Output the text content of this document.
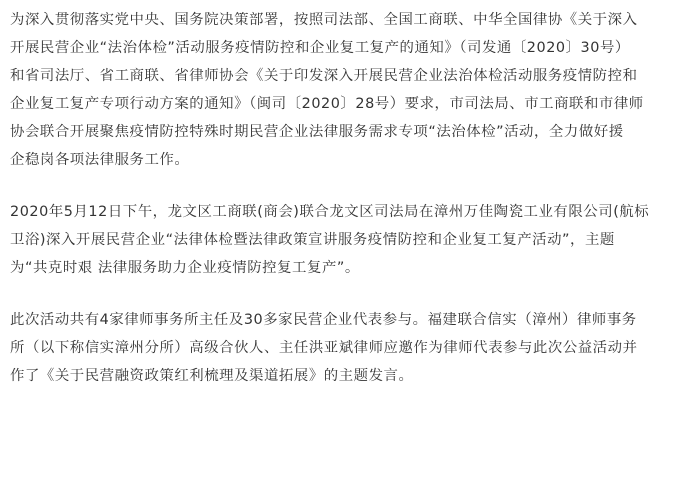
为深入贯彻落实党中央、国务院决策部署，按照司法部、全国工商联、中华全国律协《关于深入
开展民营企业“法治体检”活动服务疫情防控和企业复工复产的通知》（司发通〔2020〕30号）
和省司法厅、省工商联、省律师协会《关于印发深入开展民营企业法治体检活动服务疫情防控和
企业复工复产专项行动方案的通知》（闽司〔2020〕28号）要求，市司法局、市工商联和市律师
协会联合开展聚焦疫情防控特殊时期民营企业法律服务需求专项“法治体检”活动，全力做好援
企稳岗各项法律服务工作。

2020年5月12日下午，龙文区工商联(商会)联合龙文区司法局在漳州万佳陶瓷工业有限公司(航标
卫浴)深入开展民营企业“法律体检暨法律政策宣讲服务疫情防控和企业复工复产活动”，主题
为“共克时艰 法律服务助力企业疫情防控复工复产”。

此次活动共有4家律师事务所主任及30多家民营企业代表参与。福建联合信实（漳州）律师事务
所（以下称信实漳州分所）高级合伙人、主任洪亚斌律师应邀作为律师代表参与此次公益活动并
作了《关于民营融资政策红利梳理及渠道拓展》的主题发言。
